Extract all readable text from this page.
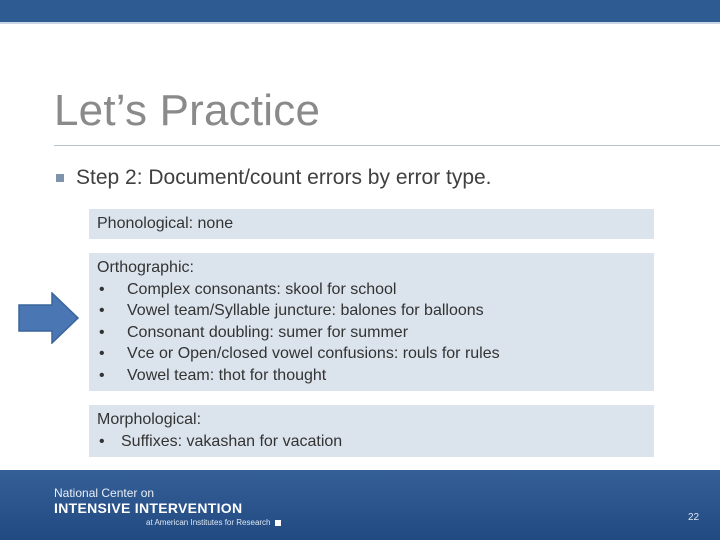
Let’s Practice
Step 2: Document/count errors by error type.
Phonological: none
Orthographic:
•	Complex consonants: skool for school
•	Vowel team/Syllable juncture: balones for balloons
•	Consonant doubling: sumer for summer
•	Vce or Open/closed vowel confusions: rouls for rules
•	Vowel team: thot for thought
Morphological:
•	Suffixes: vakashan for vacation
National Center on
INTENSIVE INTERVENTION
at American Institutes for Research	22
